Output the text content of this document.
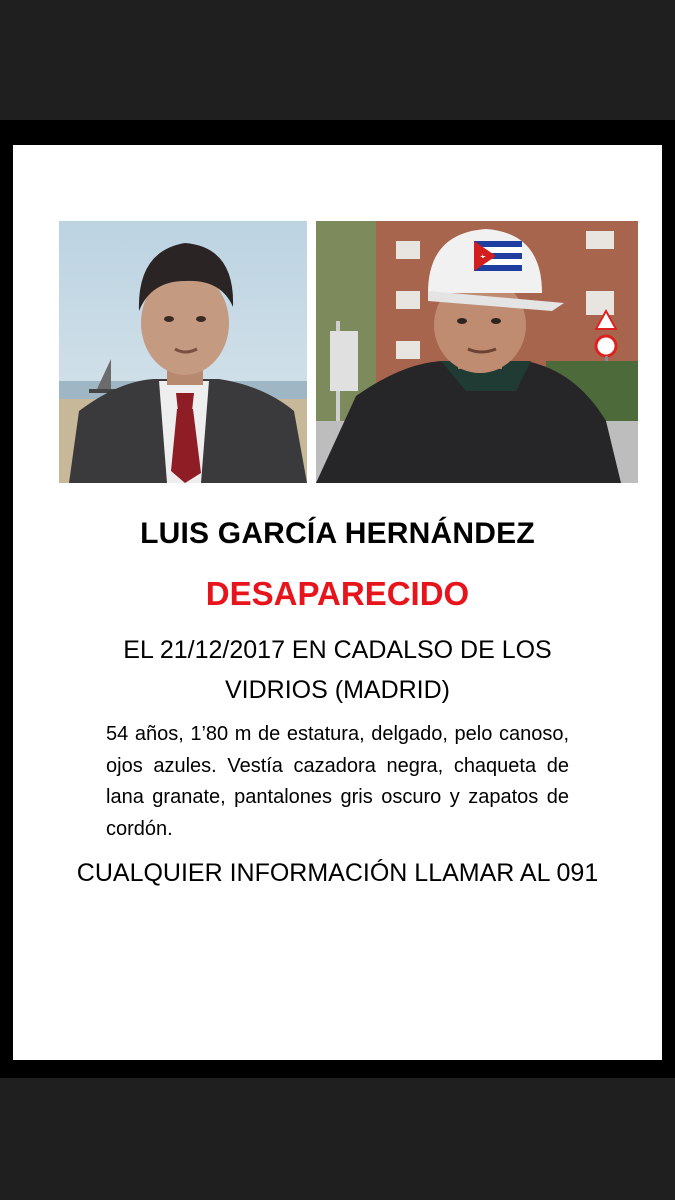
LUIS GARCÍA HERNÁNDEZ
DESAPARECIDO
EL 21/12/2017 EN CADALSO DE LOS VIDRIOS (MADRID)
54 años, 1’80 m de estatura, delgado, pelo canoso, ojos azules. Vestía cazadora negra, chaqueta de lana granate, pantalones gris oscuro y zapatos de cordón.
CUALQUIER INFORMACIÓN LLAMAR AL 091
